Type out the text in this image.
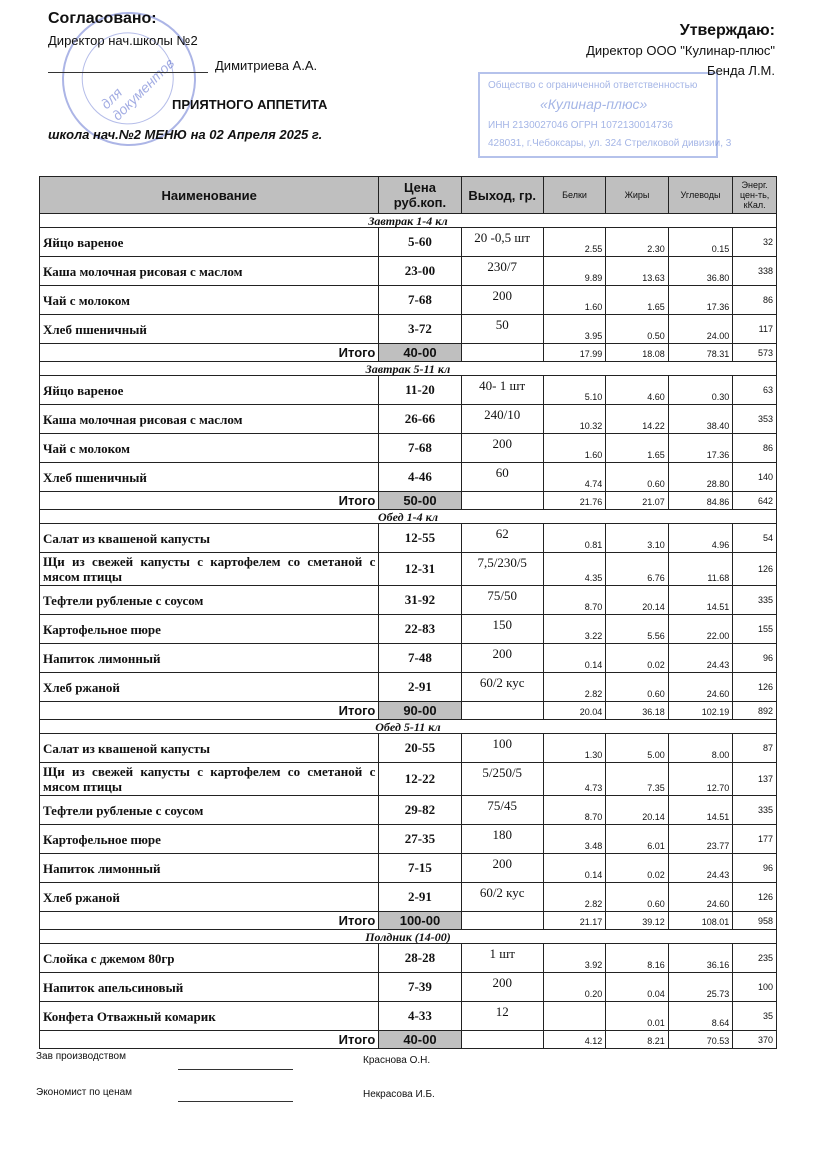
для документов	Общество с ограниченной ответственностью
«Кулинар-плюс»
ИНН 2130027046 ОГРН 1072130014736
428031, г.Чебоксары, ул. 324 Стрелковой дивизии, 3
Согласовано:
Директор нач.школы №2
Димитриева А.А.
Утверждаю:
Директор ООО "Кулинар-плюс"
Бенда Л.М.
ПРИЯТНОГО АППЕТИТА
школа нач.№2 МЕНЮ на 02 Апреля 2025 г.
Наименование	Цена руб.коп.	Выход, гр.	Белки	Жиры	Углеводы	Энерг. цен-ть, кКал.
Завтрак 1-4 кл						
Яйцо вареное	5-60	20 -0,5 шт	2.55	2.30	0.15	32
Каша молочная рисовая с маслом	23-00	230/7	9.89	13.63	36.80	338
Чай с молоком	7-68	200	1.60	1.65	17.36	86
Хлеб пшеничный	3-72	50	3.95	0.50	24.00	117
Итого	40-00		17.99	18.08	78.31	573
Завтрак 5-11 кл						
Яйцо вареное	11-20	40- 1 шт	5.10	4.60	0.30	63
Каша молочная рисовая с маслом	26-66	240/10	10.32	14.22	38.40	353
Чай с молоком	7-68	200	1.60	1.65	17.36	86
Хлеб пшеничный	4-46	60	4.74	0.60	28.80	140
Итого	50-00		21.76	21.07	84.86	642
Обед 1-4 кл						
Салат из квашеной капусты	12-55	62	0.81	3.10	4.96	54
Щи из свежей капусты с картофелем со сметаной с мясом птицы	12-31	7,5/230/5	4.35	6.76	11.68	126
Тефтели рубленые с соусом	31-92	75/50	8.70	20.14	14.51	335
Картофельное пюре	22-83	150	3.22	5.56	22.00	155
Напиток лимонный	7-48	200	0.14	0.02	24.43	96
Хлеб ржаной	2-91	60/2 кус	2.82	0.60	24.60	126
Итого	90-00		20.04	36.18	102.19	892
Обед 5-11 кл						
Салат из квашеной капусты	20-55	100	1.30	5.00	8.00	87
Щи из свежей капусты с картофелем со сметаной с мясом птицы	12-22	5/250/5	4.73	7.35	12.70	137
Тефтели рубленые с соусом	29-82	75/45	8.70	20.14	14.51	335
Картофельное пюре	27-35	180	3.48	6.01	23.77	177
Напиток лимонный	7-15	200	0.14	0.02	24.43	96
Хлеб ржаной	2-91	60/2 кус	2.82	0.60	24.60	126
Итого	100-00		21.17	39.12	108.01	958
Полдник (14-00)						
Слойка с джемом 80гр	28-28	1 шт	3.92	8.16	36.16	235
Напиток апельсиновый	7-39	200	0.20	0.04	25.73	100
Конфета Отважный комарик	4-33	12		0.01	8.64	35
Итого	40-00		4.12	8.21	70.53	370
Зав производством	Краснова О.Н.
Экономист по ценам	Некрасова И.Б.
